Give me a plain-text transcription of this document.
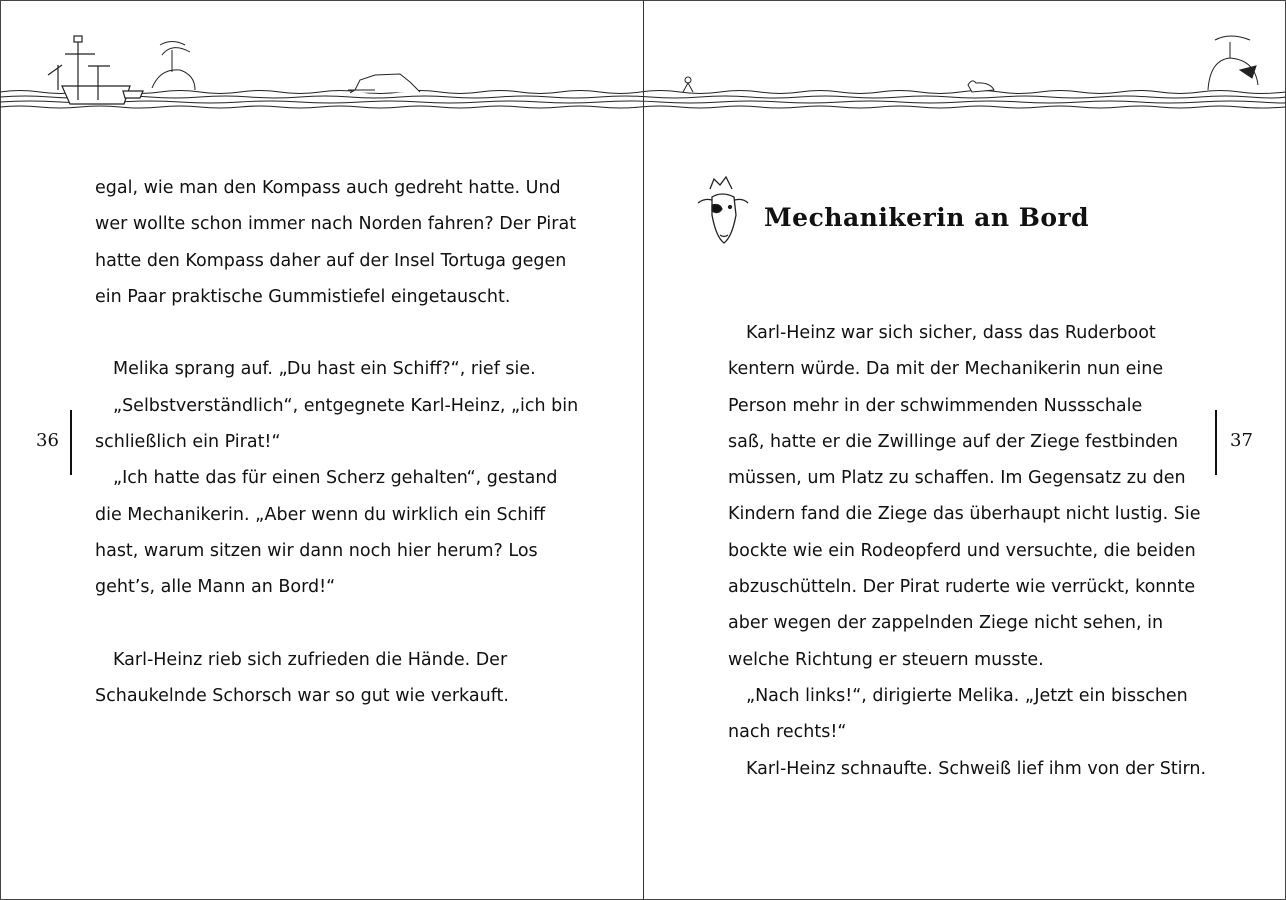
egal, wie man den Kompass auch gedreht hatte. Und
wer wollte schon immer nach Norden fahren? Der Pirat
hatte den Kompass daher auf der Insel Tortuga gegen
ein Paar praktische Gummistiefel eingetauscht.
Melika sprang auf. „Du hast ein Schiff?“, rief sie.
„Selbstverständlich“, entgegnete Karl-Heinz, „ich bin
schließlich ein Pirat!“
„Ich hatte das für einen Scherz gehalten“, gestand
die Mechanikerin. „Aber wenn du wirklich ein Schiff
hast, warum sitzen wir dann noch hier herum? Los
geht’s, alle Mann an Bord!“
Karl-Heinz rieb sich zufrieden die Hände. Der
Schaukelnde Schorsch war so gut wie verkauft.
Karl-Heinz war sich sicher, dass das Ruderboot
kentern würde. Da mit der Mechanikerin nun eine
Person mehr in der schwimmenden Nussschale
saß, hatte er die Zwillinge auf der Ziege festbinden
müssen, um Platz zu schaffen. Im Gegensatz zu den
Kindern fand die Ziege das überhaupt nicht lustig. Sie
bockte wie ein Rodeopferd und versuchte, die beiden
abzuschütteln. Der Pirat ruderte wie verrückt, konnte
aber wegen der zappelnden Ziege nicht sehen, in
welche Richtung er steuern musste.
„Nach links!“, dirigierte Melika. „Jetzt ein bisschen
nach rechts!“
Karl-Heinz schnaufte. Schweiß lief ihm von der Stirn.
36	37
Mechanikerin an Bord
